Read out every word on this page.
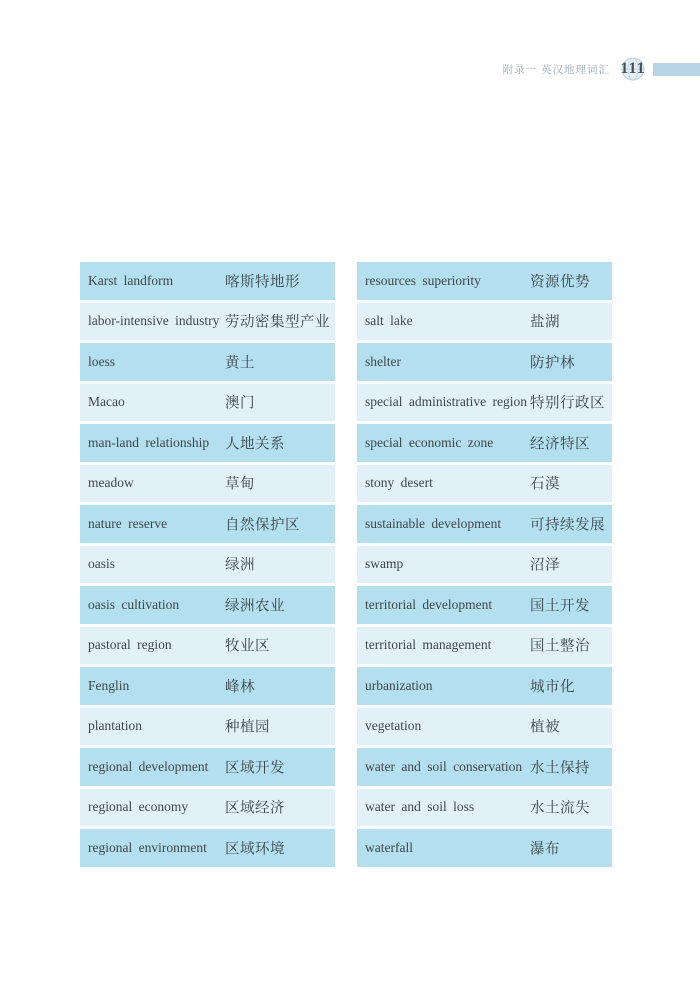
附录一 英汉地理词汇 111
Karst landform	喀斯特地形
labor-intensive industry 劳动密集型产业
loess	黄土
Macao	澳门
man-land relationship 人地关系
meadow	草甸
nature reserve	自然保护区
oasis	绿洲
oasis cultivation	绿洲农业
pastoral region	牧业区
Fenglin	峰林
plantation	种植园
regional development 区域开发
regional economy	区域经济
regional environment 区域环境
resources superiority	资源优势
salt lake	盐湖
shelter	防护林
special administrative region 特别行政区
special economic zone	经济特区
stony desert	石漠
sustainable development 可持续发展
swamp	沼泽
territorial development	国土开发
territorial management	国土整治
urbanization	城市化
vegetation	植被
water and soil conservation 水土保持
water and soil loss	水土流失
waterfall	瀑布
